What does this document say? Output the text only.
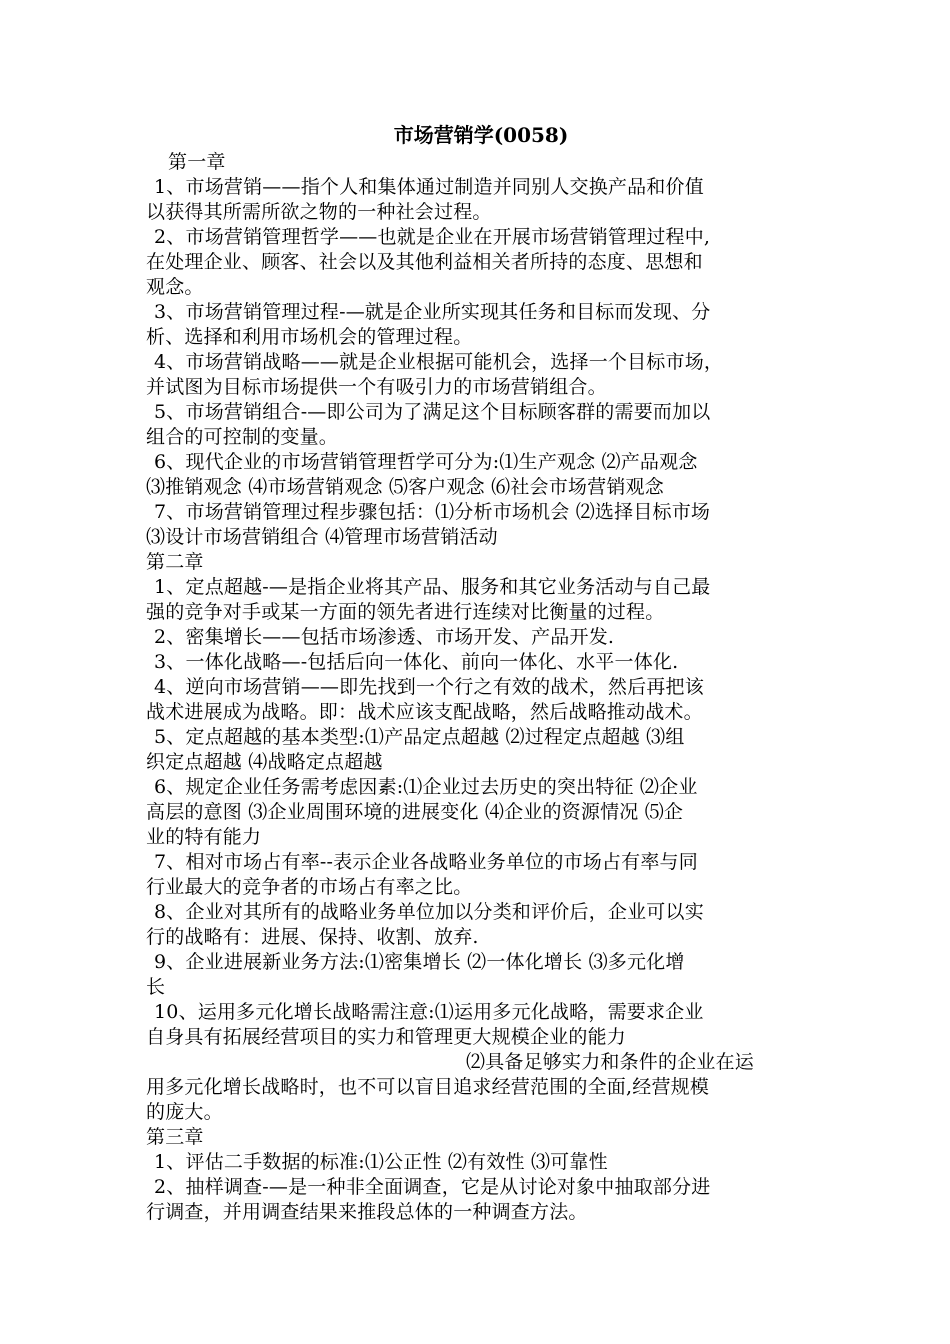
市场营销学(0058)

第一章

1、市场营销——指个人和集体通过制造并同别人交换产品和价值

以获得其所需所欲之物的一种社会过程。

2、市场营销管理哲学——也就是企业在开展市场营销管理过程中,

在处理企业、顾客、社会以及其他利益相关者所持的态度、思想和

观念。

3、市场营销管理过程-—就是企业所实现其任务和目标而发现、分

析、选择和利用市场机会的管理过程。

4、市场营销战略——就是企业根据可能机会，选择一个目标市场，

并试图为目标市场提供一个有吸引力的市场营销组合。

5、市场营销组合-—即公司为了满足这个目标顾客群的需要而加以

组合的可控制的变量。

6、现代企业的市场营销管理哲学可分为:⑴生产观念 ⑵产品观念

⑶推销观念 ⑷市场营销观念 ⑸客户观念 ⑹社会市场营销观念

7、市场营销管理过程步骤包括：⑴分析市场机会 ⑵选择目标市场

⑶设计市场营销组合 ⑷管理市场营销活动

第二章

1、定点超越-—是指企业将其产品、服务和其它业务活动与自己最

强的竞争对手或某一方面的领先者进行连续对比衡量的过程。

2、密集增长——包括市场渗透、市场开发、产品开发.

3、一体化战略—-包括后向一体化、前向一体化、水平一体化.

4、逆向市场营销——即先找到一个行之有效的战术，然后再把该

战术进展成为战略。即：战术应该支配战略，然后战略推动战术。

5、定点超越的基本类型:⑴产品定点超越 ⑵过程定点超越 ⑶组

织定点超越 ⑷战略定点超越

6、规定企业任务需考虑因素:⑴企业过去历史的突出特征 ⑵企业

高层的意图 ⑶企业周围环境的进展变化 ⑷企业的资源情况 ⑸企

业的特有能力

7、相对市场占有率--表示企业各战略业务单位的市场占有率与同

行业最大的竞争者的市场占有率之比。

8、企业对其所有的战略业务单位加以分类和评价后，企业可以实

行的战略有：进展、保持、收割、放弃.

9、企业进展新业务方法:⑴密集增长 ⑵一体化增长 ⑶多元化增

长

10、运用多元化增长战略需注意:⑴运用多元化战略，需要求企业

自身具有拓展经营项目的实力和管理更大规模企业的能力

⑵具备足够实力和条件的企业在运

用多元化增长战略时，也不可以盲目追求经营范围的全面,经营规模

的庞大。

第三章

1、评估二手数据的标准:⑴公正性 ⑵有效性 ⑶可靠性

2、抽样调查-—是一种非全面调查，它是从讨论对象中抽取部分进

行调查，并用调查结果来推段总体的一种调查方法。
